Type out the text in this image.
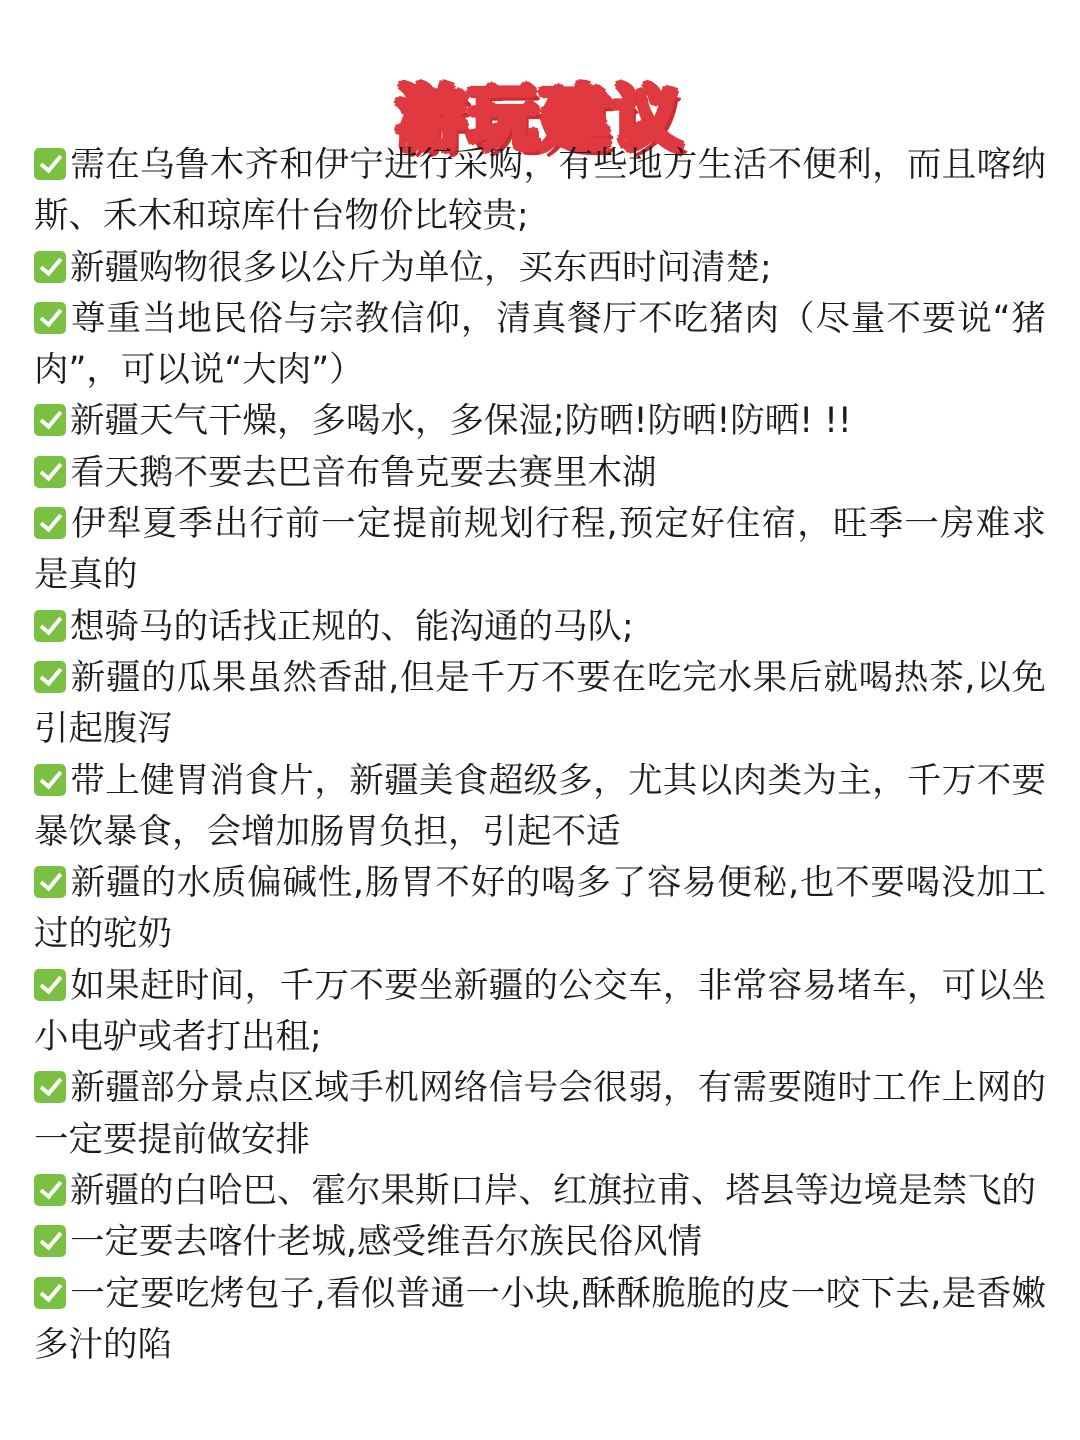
游玩建议
需在乌鲁木齐和伊宁进行采购，有些地方生活不便利，而且喀纳斯、禾木和琼库什台物价比较贵;
新疆购物很多以公斤为单位，买东西时问清楚;
尊重当地民俗与宗教信仰，清真餐厅不吃猪肉（尽量不要说“猪肉”，可以说“大肉”）
新疆天气干燥，多喝水，多保湿;防晒!防晒!防晒! !!
看天鹅不要去巴音布鲁克要去赛里木湖
伊犁夏季出行前一定提前规划行程,预定好住宿，旺季一房难求是真的
想骑马的话找正规的、能沟通的马队;
新疆的瓜果虽然香甜,但是千万不要在吃完水果后就喝热茶,以免引起腹泻
带上健胃消食片，新疆美食超级多，尤其以肉类为主，千万不要暴饮暴食，会增加肠胃负担，引起不适
新疆的水质偏碱性,肠胃不好的喝多了容易便秘,也不要喝没加工过的驼奶
如果赶时间，千万不要坐新疆的公交车，非常容易堵车，可以坐小电驴或者打出租;
新疆部分景点区域手机网络信号会很弱，有需要随时工作上网的一定要提前做安排
新疆的白哈巴、霍尔果斯口岸、红旗拉甫、塔县等边境是禁飞的
一定要去喀什老城,感受维吾尔族民俗风情
一定要吃烤包子,看似普通一小块,酥酥脆脆的皮一咬下去,是香嫩多汁的陷
